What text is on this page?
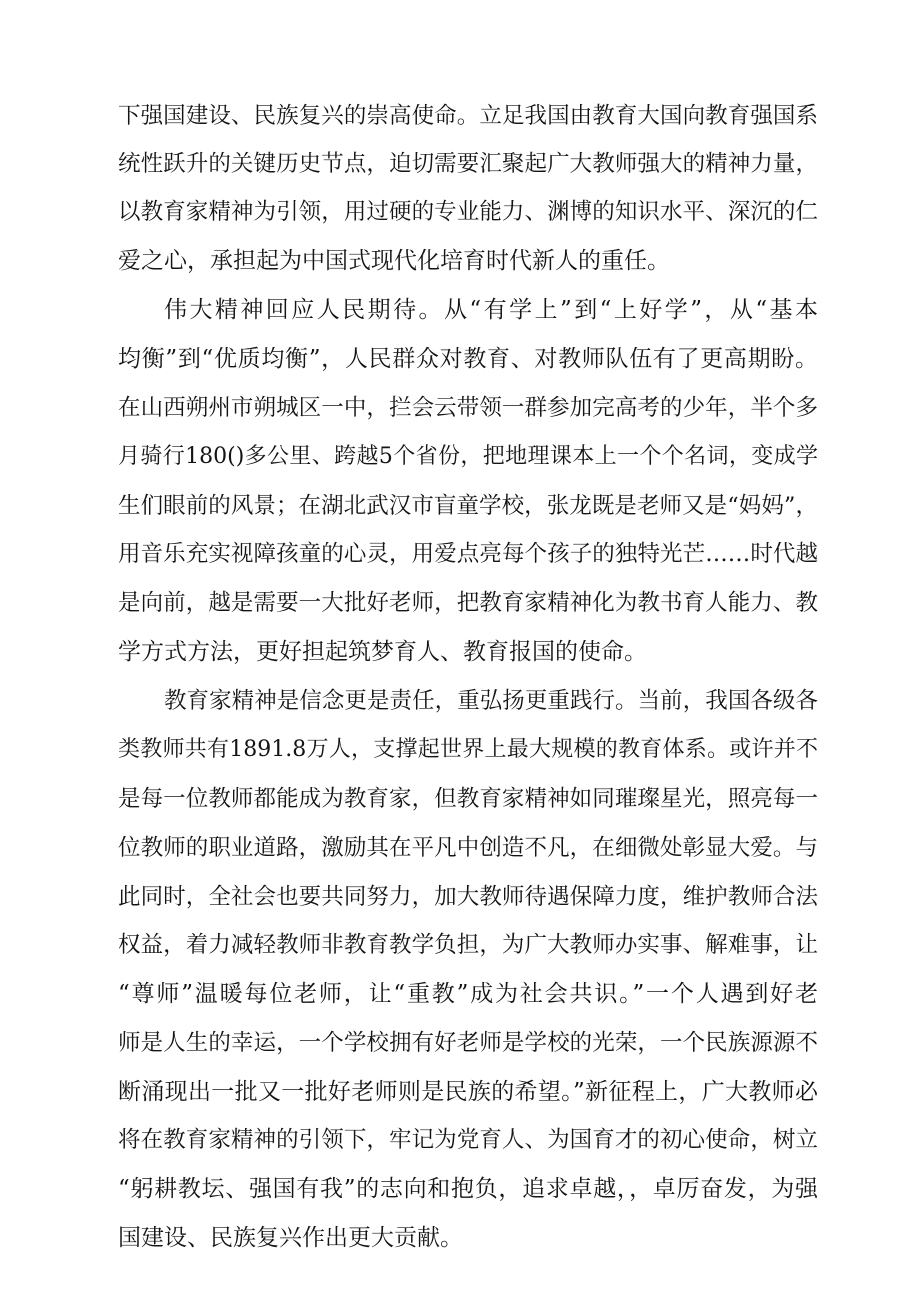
下强国建设、民族复兴的崇高使命。立足我国由教育大国向教育强国系
统性跃升的关键历史节点，迫切需要汇聚起广大教师强大的精神力量，
以教育家精神为引领，用过硬的专业能力、渊博的知识水平、深沉的仁
爱之心，承担起为中国式现代化培育时代新人的重任。
伟大精神回应人民期待。从“有学上”到“上好学”，从“基本
均衡”到“优质均衡”，人民群众对教育、对教师队伍有了更高期盼。
在山西朔州市朔城区一中，拦会云带领一群参加完高考的少年，半个多
月骑行180()多公里、跨越5个省份，把地理课本上一个个名词，变成学
生们眼前的风景；在湖北武汉市盲童学校，张龙既是老师又是“妈妈”，
用音乐充实视障孩童的心灵，用爱点亮每个孩子的独特光芒……时代越
是向前，越是需要一大批好老师，把教育家精神化为教书育人能力、教
学方式方法，更好担起筑梦育人、教育报国的使命。
教育家精神是信念更是责任，重弘扬更重践行。当前，我国各级各
类教师共有1891.8万人，支撑起世界上最大规模的教育体系。或许并不
是每一位教师都能成为教育家，但教育家精神如同璀璨星光，照亮每一
位教师的职业道路，激励其在平凡中创造不凡，在细微处彰显大爱。与
此同时，全社会也要共同努力，加大教师待遇保障力度，维护教师合法
权益，着力减轻教师非教育教学负担，为广大教师办实事、解难事，让
“尊师”温暖每位老师，让“重教”成为社会共识。”一个人遇到好老
师是人生的幸运，一个学校拥有好老师是学校的光荣，一个民族源源不
断涌现出一批又一批好老师则是民族的希望。”新征程上，广大教师必
将在教育家精神的引领下，牢记为党育人、为国育才的初心使命，树立
“躬耕教坛、强国有我”的志向和抱负，追求卓越，，卓厉奋发，为强
国建设、民族复兴作出更大贡献。
